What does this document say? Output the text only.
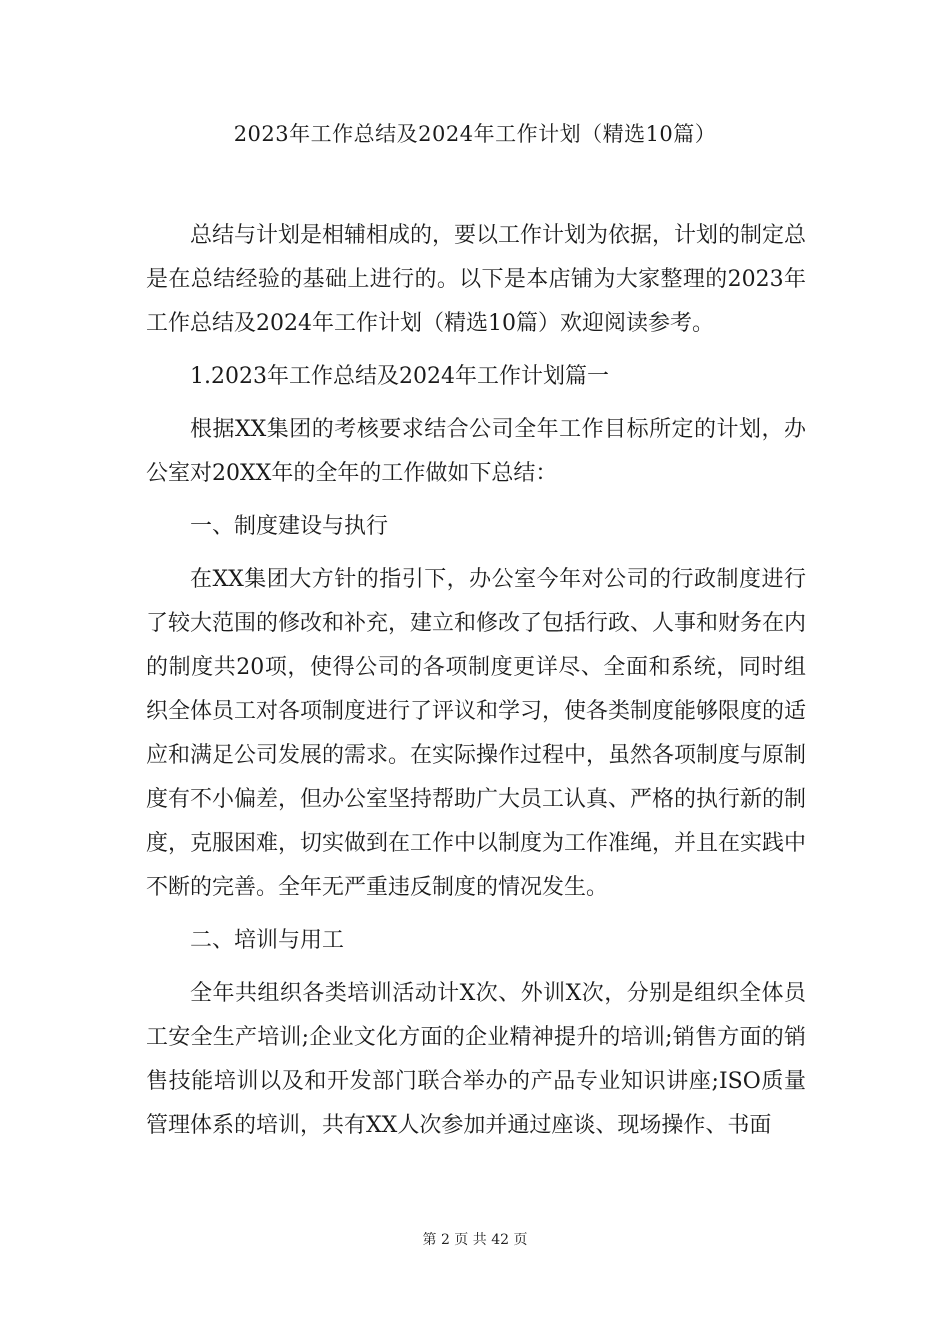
2023年工作总结及2024年工作计划（精选10篇）

总结与计划是相辅相成的，要以工作计划为依据，计划的制定总是在总结经验的基础上进行的。以下是本店铺为大家整理的2023年工作总结及2024年工作计划（精选10篇）欢迎阅读参考。

1.2023年工作总结及2024年工作计划篇一

根据XX集团的考核要求结合公司全年工作目标所定的计划，办公室对20XX年的全年的工作做如下总结：

一、制度建设与执行

在XX集团大方针的指引下，办公室今年对公司的行政制度进行了较大范围的修改和补充，建立和修改了包括行政、人事和财务在内的制度共20项，使得公司的各项制度更详尽、全面和系统，同时组织全体员工对各项制度进行了评议和学习，使各类制度能够限度的适应和满足公司发展的需求。在实际操作过程中，虽然各项制度与原制度有不小偏差，但办公室坚持帮助广大员工认真、严格的执行新的制度，克服困难，切实做到在工作中以制度为工作准绳，并且在实践中不断的完善。全年无严重违反制度的情况发生。

二、培训与用工

全年共组织各类培训活动计X次、外训X次，分别是组织全体员工安全生产培训;企业文化方面的企业精神提升的培训;销售方面的销售技能培训以及和开发部门联合举办的产品专业知识讲座;ISO质量管理体系的培训，共有XX人次参加并通过座谈、现场操作、书面

第 2 页 共 42 页
